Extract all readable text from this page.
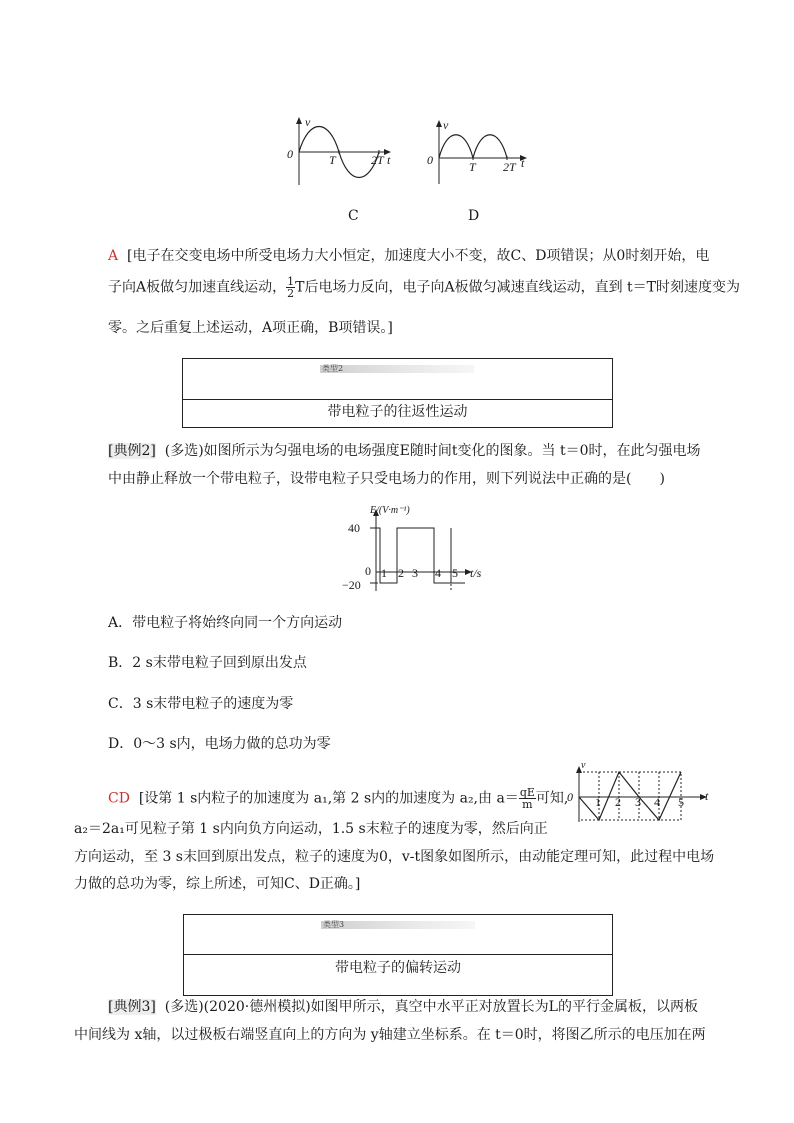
v
0	T	2T t
C
v
0	T 2T t
D
A [电子在交变电场中所受电场力大小恒定，加速度大小不变，故C、D项错误；从0时刻开始，电
子向A板做匀加速直线运动， $\frac{1}{2}$ T后电场力反向，电子向A板做匀减速直线运动，直到 t＝T时刻速度变为
零。之后重复上述运动，A项正确，B项错误。]
类型2
带电粒子的往返性运动
[典例2] (多选)如图所示为匀强电场的电场强度E随时间t变化的图象。当 t＝0时，在此匀强电场
中由静止释放一个带电粒子，设带电粒子只受电场力的作用，则下列说法中正确的是(　　)
E/(V·m⁻¹)
40
0
−20
1 2 3 4 5 t/s
A．带电粒子将始终向同一个方向运动
B．2 s末带电粒子回到原出发点
C．3 s末带电粒子的速度为零
D．0～3 s内，电场力做的总功为零
CD [设第 1 s内粒子的加速度为 a₁,第 2 s内的加速度为 a₂,由 $a= \frac{qE}{m}$ 可知,
v
0 1 2 3 4 5 t
a₂＝2a₁可见粒子第 1 s内向负方向运动，1.5 s末粒子的速度为零，然后向正
方向运动，至 3 s末回到原出发点，粒子的速度为0，v-t图象如图所示，由动能定理可知，此过程中电场
力做的总功为零，综上所述，可知C、D正确。]
类型3
带电粒子的偏转运动
[典例3] (多选)(2020·德州模拟)如图甲所示，真空中水平正对放置长为L的平行金属板，以两板
中间线为 x轴，以过极板右端竖直向上的方向为 y轴建立坐标系。在 t＝0时，将图乙所示的电压加在两
